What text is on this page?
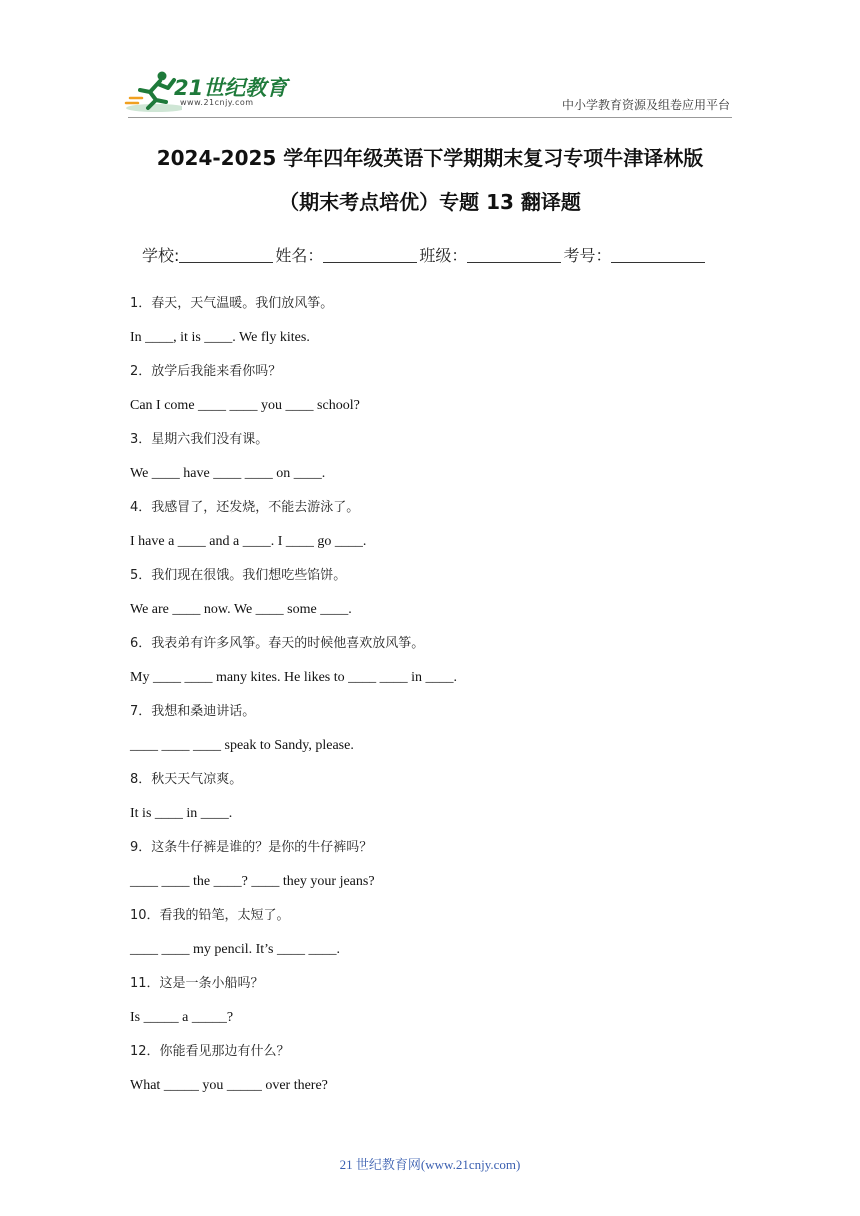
21世纪教育
www.21cnjy.com	中小学教育资源及组卷应用平台
2024-2025 学年四年级英语下学期期末复习专项牛津译林版
（期末考点培优）专题 13 翻译题
学校:	姓名：	班级：	考号：
1．春天，天气温暖。我们放风筝。
In ____, it is ____. We fly kites.
2．放学后我能来看你吗？
Can I come ____ ____ you ____ school?
3．星期六我们没有课。
We ____ have ____ ____ on ____.
4．我感冒了，还发烧，不能去游泳了。
I have a ____ and a ____. I ____ go ____.
5．我们现在很饿。我们想吃些馅饼。
We are ____ now. We ____ some ____.
6．我表弟有许多风筝。春天的时候他喜欢放风筝。
My ____ ____ many kites. He likes to ____ ____ in ____.
7．我想和桑迪讲话。
____ ____ ____ speak to Sandy, please.
8．秋天天气凉爽。
It is ____ in ____.
9．这条牛仔裤是谁的？是你的牛仔裤吗？
____ ____ the ____? ____ they your jeans?
10．看我的铅笔，太短了。
____ ____ my pencil. It’s ____ ____.
11．这是一条小船吗？
Is _____ a _____?
12．你能看见那边有什么？
What _____ you _____ over there?
21 世纪教育网(www.21cnjy.com)
